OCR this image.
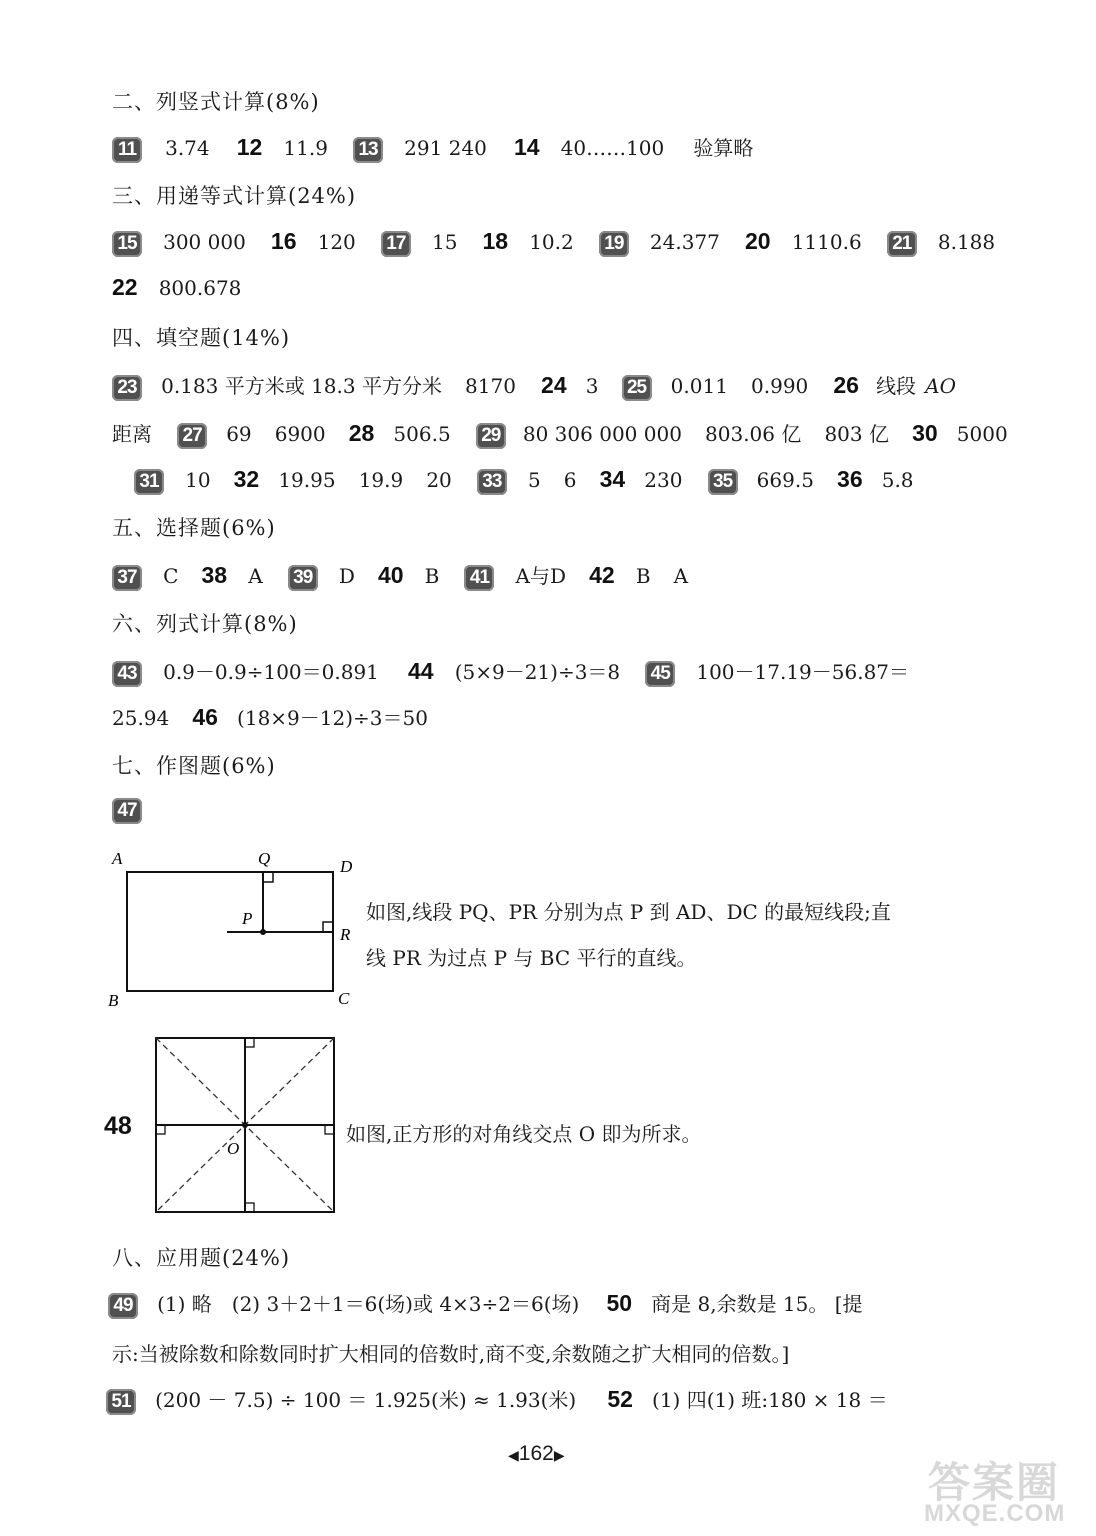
二、列竖式计算(8%)
11 3.74 12 11.9 13 291 240 14 40……100 验算略
三、用递等式计算(24%)
15 300 000 16 120 17 15 18 10.2 19 24.377 20 1110.6 21 8.188
22 800.678
四、填空题(14%)
23 0.183 平方米或 18.3 平方分米 8170 24 3 25 0.011 0.990 26 线段 AO
距离 27 69 6900 28 506.5 29 80 306 000 000 803.06 亿 803 亿 30 5000
31 10 32 19.95 19.9 20 33 5 6 34 230 35 669.5 36 5.8
五、选择题(6%)
37 C 38 A 39 D 40 B 41 A与D 42 B A
六、列式计算(8%)
43 0.9－0.9÷100＝0.891 44 (5×9－21)÷3＝8 45 100－17.19－56.87＝
25.94 46 (18×9－12)÷3＝50
七、作图题(6%)
47
A	Q	D
P
R
B	C
如图,线段 PQ、PR 分别为点 P 到 AD、DC 的最短线段;直
线 PR 为过点 P 与 BC 平行的直线。
48
O
如图,正方形的对角线交点 O 即为所求。
八、应用题(24%)
49 (1) 略　(2) 3＋2＋1＝6(场)或 4×3÷2＝6(场) 50 商是 8,余数是 15。 [提
示:当被除数和除数同时扩大相同的倍数时,商不变,余数随之扩大相同的倍数。]
51 (200 － 7.5) ÷ 100 ＝ 1.925(米) ≈ 1.93(米) 52 (1) 四(1) 班:180 × 18 ＝
◀162▶
答案圈
MXQE.COM
